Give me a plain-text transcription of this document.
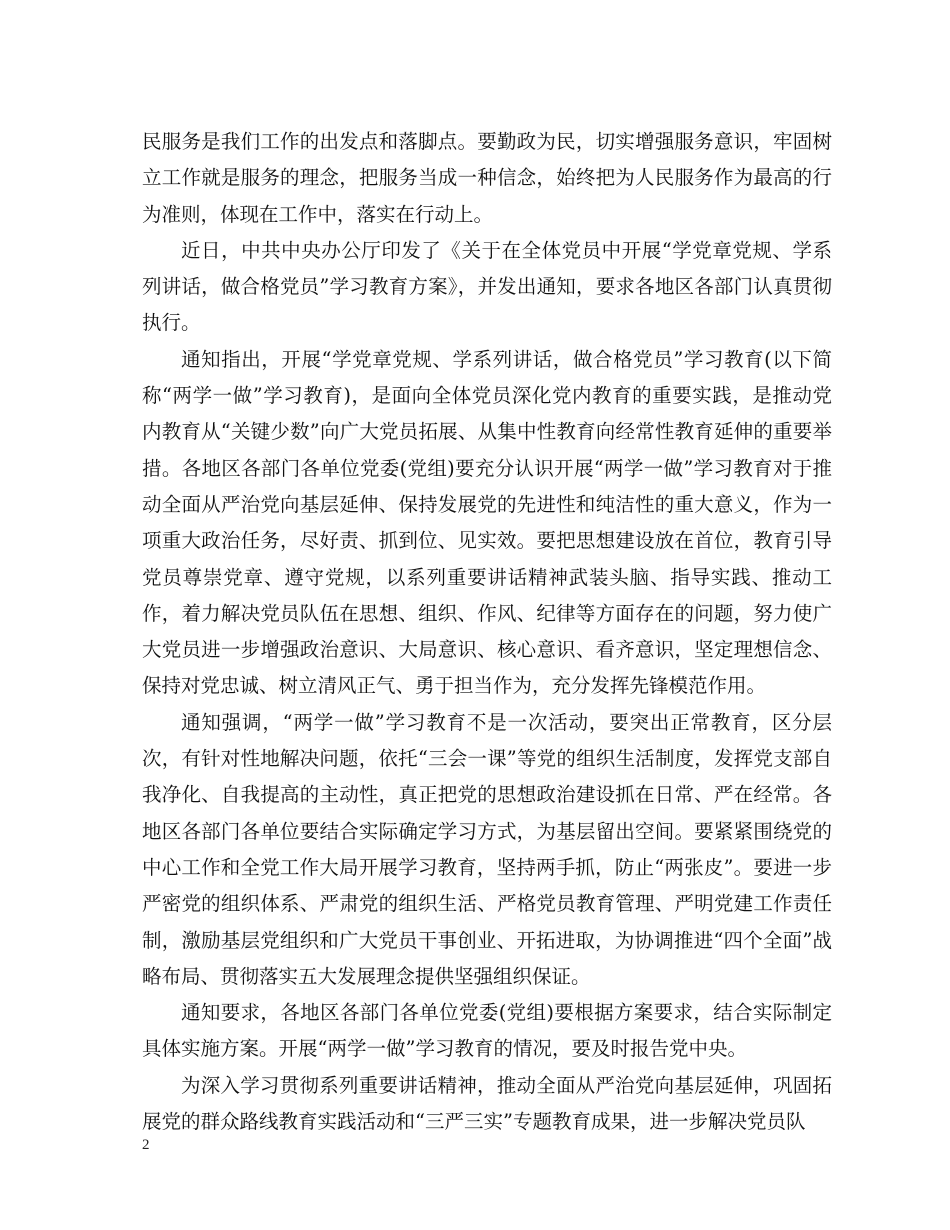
民服务是我们工作的出发点和落脚点。要勤政为民，切实增强服务意识，牢固树立工作就是服务的理念，把服务当成一种信念，始终把为人民服务作为最高的行为准则，体现在工作中，落实在行动上。

近日，中共中央办公厅印发了《关于在全体党员中开展“学党章党规、学系列讲话，做合格党员”学习教育方案》，并发出通知，要求各地区各部门认真贯彻执行。

通知指出，开展“学党章党规、学系列讲话，做合格党员”学习教育(以下简称“两学一做”学习教育)，是面向全体党员深化党内教育的重要实践，是推动党内教育从“关键少数”向广大党员拓展、从集中性教育向经常性教育延伸的重要举措。各地区各部门各单位党委(党组)要充分认识开展“两学一做”学习教育对于推动全面从严治党向基层延伸、保持发展党的先进性和纯洁性的重大意义，作为一项重大政治任务，尽好责、抓到位、见实效。要把思想建设放在首位，教育引导党员尊崇党章、遵守党规，以系列重要讲话精神武装头脑、指导实践、推动工作，着力解决党员队伍在思想、组织、作风、纪律等方面存在的问题，努力使广大党员进一步增强政治意识、大局意识、核心意识、看齐意识，坚定理想信念、保持对党忠诚、树立清风正气、勇于担当作为，充分发挥先锋模范作用。

通知强调，“两学一做”学习教育不是一次活动，要突出正常教育，区分层次，有针对性地解决问题，依托“三会一课”等党的组织生活制度，发挥党支部自我净化、自我提高的主动性，真正把党的思想政治建设抓在日常、严在经常。各地区各部门各单位要结合实际确定学习方式，为基层留出空间。要紧紧围绕党的中心工作和全党工作大局开展学习教育，坚持两手抓，防止“两张皮”。要进一步严密党的组织体系、严肃党的组织生活、严格党员教育管理、严明党建工作责任制，激励基层党组织和广大党员干事创业、开拓进取，为协调推进“四个全面”战略布局、贯彻落实五大发展理念提供坚强组织保证。

通知要求，各地区各部门各单位党委(党组)要根据方案要求，结合实际制定具体实施方案。开展“两学一做”学习教育的情况，要及时报告党中央。

为深入学习贯彻系列重要讲话精神，推动全面从严治党向基层延伸，巩固拓展党的群众路线教育实践活动和“三严三实”专题教育成果，进一步解决党员队

2
